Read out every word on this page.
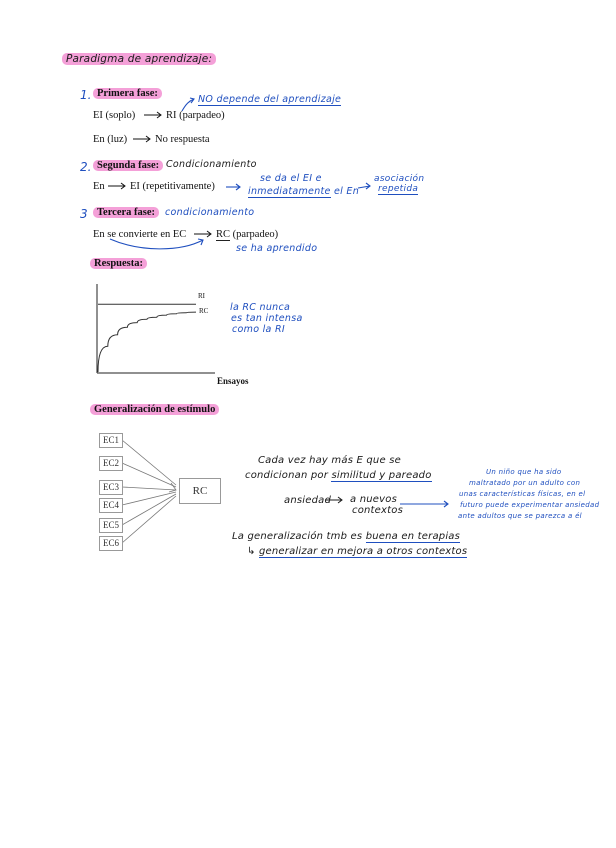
Paradigma de aprendizaje:
1. Primera fase:
NO depende del aprendizaje
EI (soplo)	RI (parpadeo)
En (luz)	No respuesta
2. Segunda fase: Condicionamiento
En EI (repetitivamente)
se da el EI e
inmediatamente el En
asociación
repetida
3 Tercera fase:	condicionamiento
En se convierte en EC	RC (parpadeo)
se ha aprendido
Respuesta:
RI
RC
Ensayos
la RC nunca
es tan intensa
como la RI
Generalización de estímulo
EC1
EC2
EC3
EC4
EC5
EC6
RC
Cada vez hay más E que se
condicionan por similitud y pareado
ansiedad a nuevos
contextos
Un niño que ha sido
maltratado por un adulto con
unas características físicas, en el
futuro puede experimentar ansiedad
ante adultos que se parezca a él
La generalización tmb es buena en terapias
↳ generalizar en mejora a otros contextos
